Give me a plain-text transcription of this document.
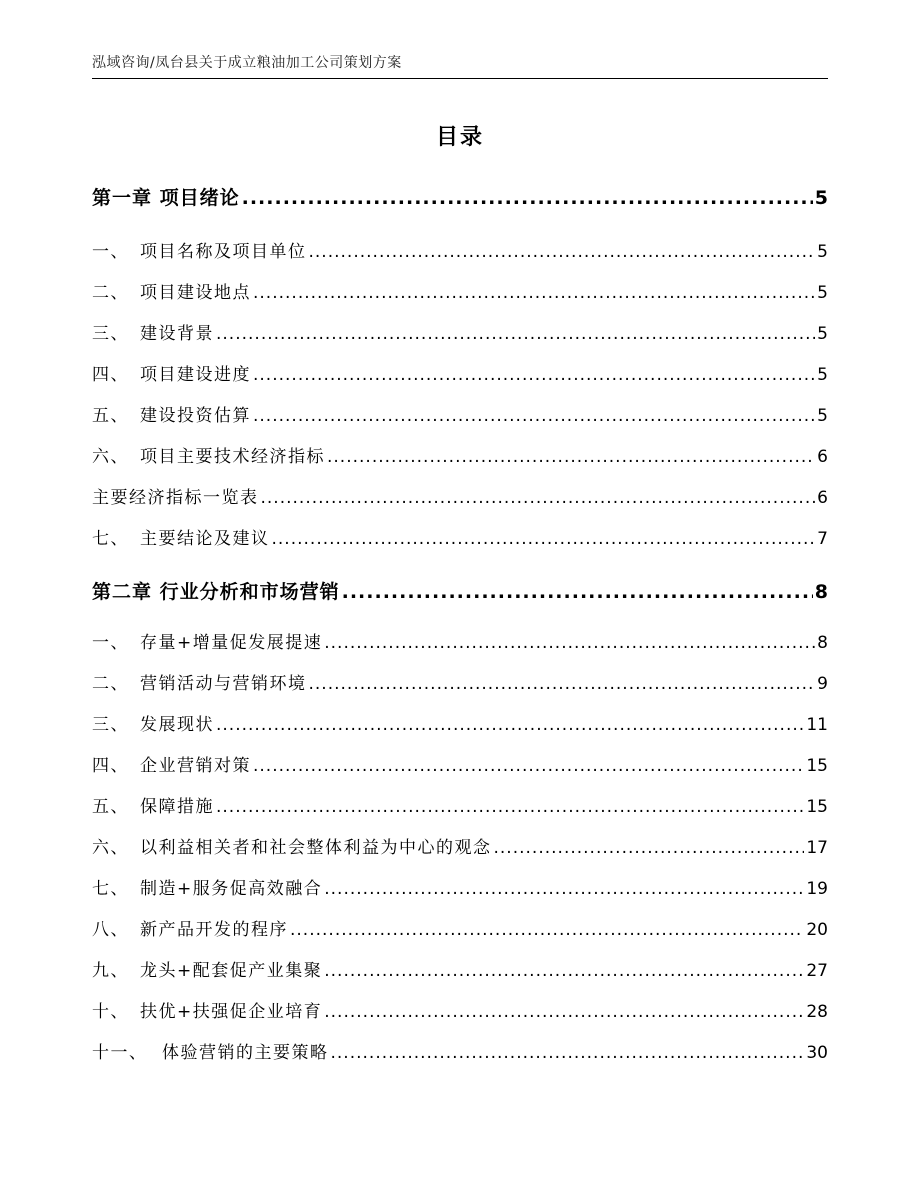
泓域咨询/凤台县关于成立粮油加工公司策划方案
目录
第一章 项目绪论 .....	5
一、 项目名称及项目单位 .....	5
二、 项目建设地点 .....	5
三、 建设背景 .....	5
四、 项目建设进度 .....	5
五、 建设投资估算 .....	5
六、 项目主要技术经济指标 .....	6
主要经济指标一览表 .....	6
七、 主要结论及建议 .....	7
第二章 行业分析和市场营销 .....	8
一、 存量+增量促发展提速 .....	8
二、 营销活动与营销环境 .....	9
三、 发展现状 .....	11
四、 企业营销对策 .....	15
五、 保障措施 .....	15
六、 以利益相关者和社会整体利益为中心的观念 .....	17
七、 制造+服务促高效融合 .....	19
八、 新产品开发的程序 .....	20
九、 龙头+配套促产业集聚 .....	27
十、 扶优+扶强促企业培育 .....	28
十一、 体验营销的主要策略 .....	30
